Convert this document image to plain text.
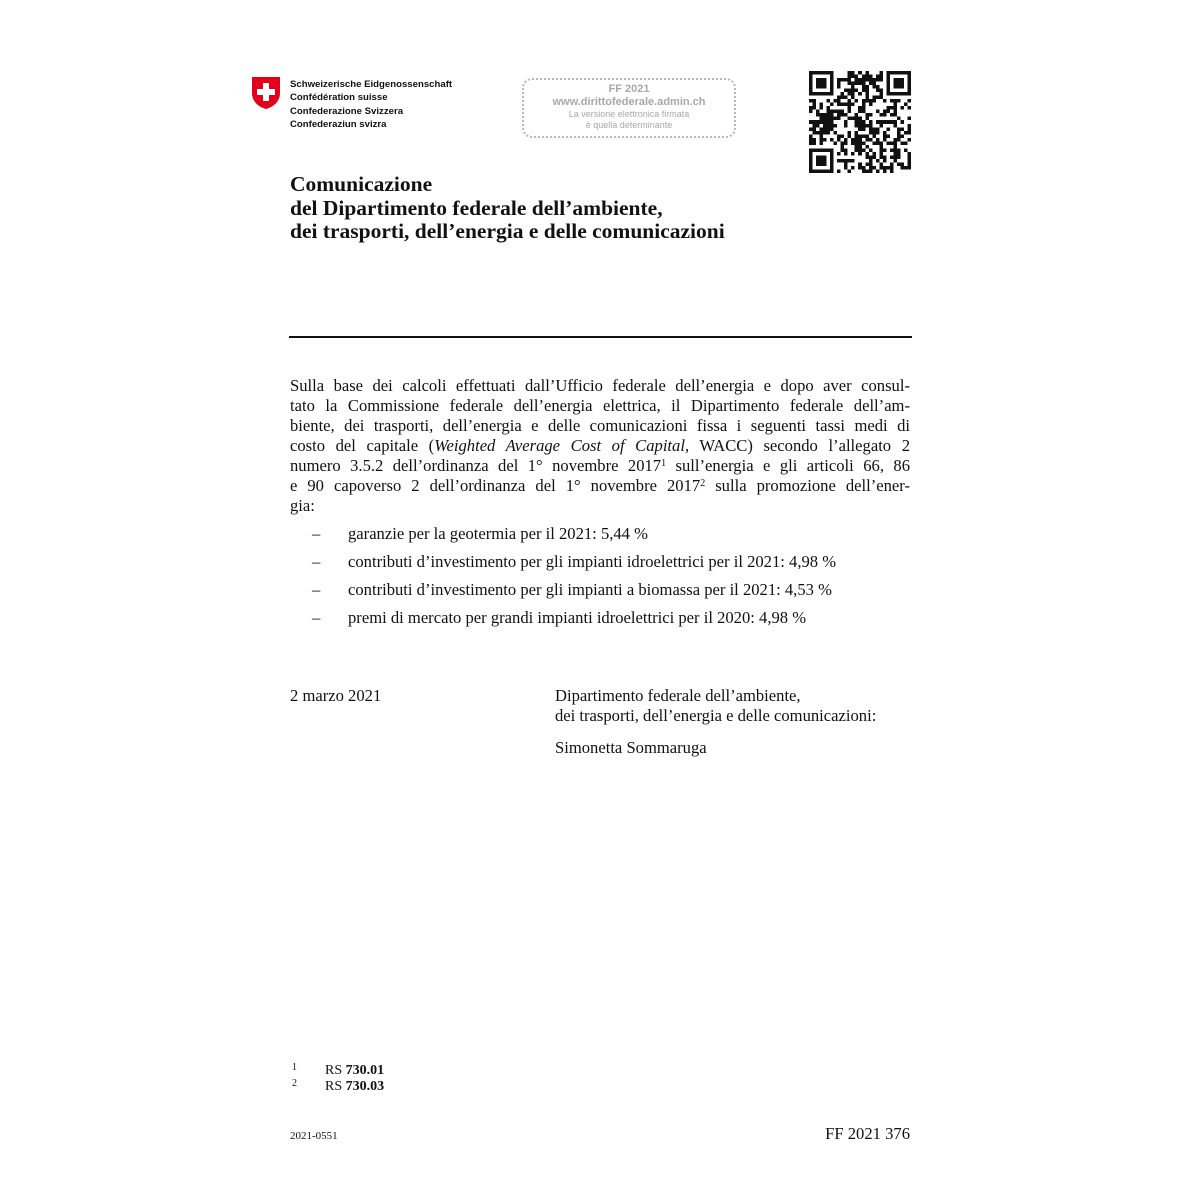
Schweizerische Eidgenossenschaft
Confédération suisse
Confederazione Svizzera
Confederaziun svizra
FF 2021
www.dirittofederale.admin.ch
La versione elettronica firmata
è quella determinante
Comunicazione
del Dipartimento federale dell’ambiente,
dei trasporti, dell’energia e delle comunicazioni
Sulla base dei calcoli effettuati dall’Ufficio federale dell’energia e dopo aver consul-
tato la Commissione federale dell’energia elettrica, il Dipartimento federale dell’am-
biente, dei trasporti, dell’energia e delle comunicazioni fissa i seguenti tassi medi di
costo del capitale (Weighted Average Cost of Capital, WACC) secondo l’allegato 2
numero 3.5.2 dell’ordinanza del 1° novembre 2017$^1$ sull’energia e gli articoli 66, 86
e 90 capoverso 2 dell’ordinanza del 1° novembre 2017$^2$ sulla promozione dell’ener-
gia:
– garanzie per la geotermia per il 2021: 5,44 %
– contributi d’investimento per gli impianti idroelettrici per il 2021: 4,98 %
– contributi d’investimento per gli impianti a biomassa per il 2021: 4,53 %
– premi di mercato per grandi impianti idroelettrici per il 2020: 4,98 %
2 marzo 2021	Dipartimento federale dell’ambiente,
dei trasporti, dell’energia e delle comunicazioni:
Simonetta Sommaruga
1 RS 730.01
2 RS 730.03
2021-0551	FF 2021 376
